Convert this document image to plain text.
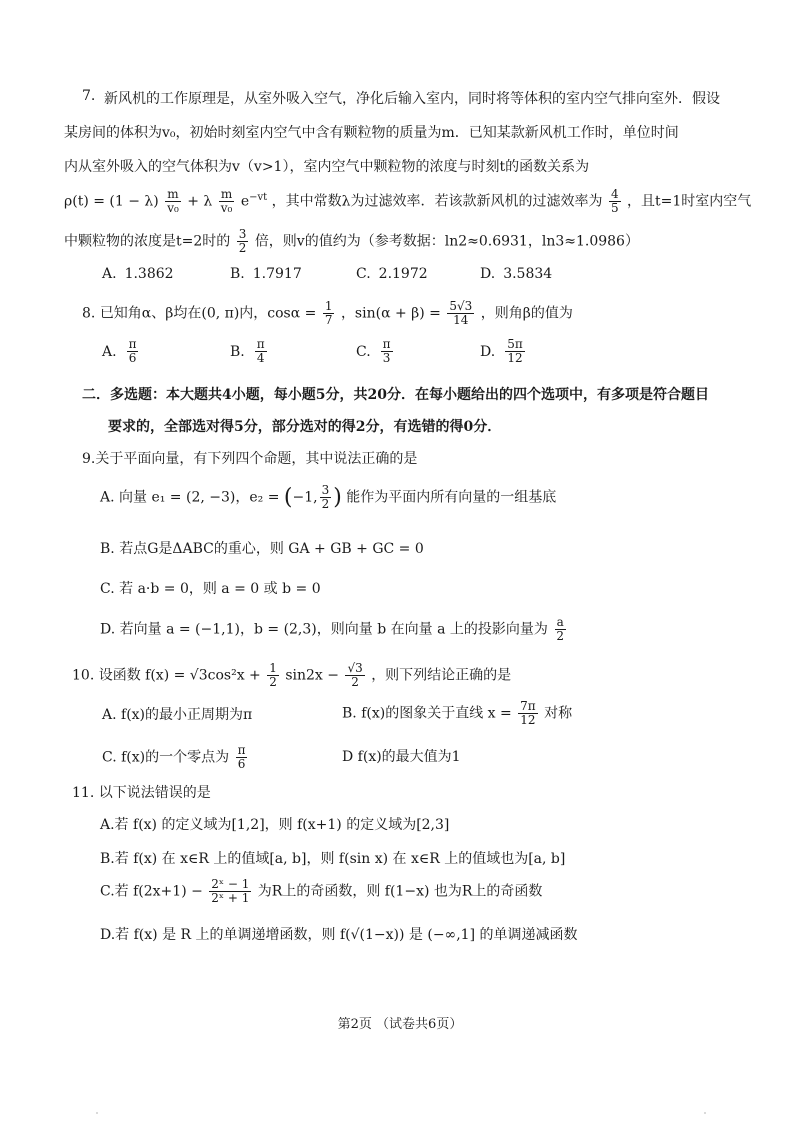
7. 新风机的工作原理是，从室外吸入空气，净化后输入室内，同时将等体积的室内空气排向室外．假设
某房间的体积为v₀，初始时刻室内空气中含有颗粒物的质量为m．已知某款新风机工作时，单位时间
内从室外吸入的空气体积为v（v>1），室内空气中颗粒物的浓度与时刻t的函数关系为
$\rho(t) = (1 - \lambda) \frac{m}{\text{v₀}} + \lambda \frac{m}{\text{v₀}} e^{-vt}$ ，其中常数λ为过滤效率．若该款新风机的过滤效率为 $\frac{4}{5}$ ，且t=1时室内空气
中颗粒物的浓度是t=2时的 $\frac{3}{2}$ 倍，则v的值约为（参考数据：ln2≈0.6931，ln3≈1.0986）
A. 1.3862	B. 1.7917	C. 2.1972	D. 3.5834
8. 已知角α、β均在(0, π)内，$\cos\alpha = \frac{1}{7}$ ，$\sin(\alpha + \beta) = \frac{5√3}{14}$ ，则角β的值为
A. $\frac{\pi}{6}$	B. $\frac{\pi}{4}$	C. $\frac{\pi}{3}$	D. $\frac{5\pi}{12}$
二．多选题：本大题共4小题，每小题5分，共20分．在每小题给出的四个选项中，有多项是符合题目
要求的，全部选对得5分，部分选对的得2分，有选错的得0分．
9.关于平面向量，有下列四个命题，其中说法正确的是
A. 向量 e₁ = (2, −3)，e₂ = (−1, $\frac{3}{2}$ ) 能作为平面内所有向量的一组基底
B. 若点G是ΔABC的重心，则 GA + GB + GC = 0
C. 若 a·b = 0，则 a = 0 或 b = 0
D. 若向量 a = (−1,1)，b = (2,3)，则向量 b 在向量 a 上的投影向量为 $\frac{a}{2}$
10. 设函数 $f(x) = √3\cos^2x + \frac{1}{2} \sin 2x - \frac{√3}{2}$ ，则下列结论正确的是
A. f(x)的最小正周期为π	B. f(x)的图象关于直线 $x = \frac{7\pi}{12}$ 对称
C. f(x)的一个零点为 $\frac{\pi}{6}$	D f(x)的最大值为1
11. 以下说法错误的是
A.若 f(x) 的定义域为[1,2]，则 f(x+1) 的定义域为[2,3]
B.若 f(x) 在 x∈R 上的值域[a, b]，则 f(sin x) 在 x∈R 上的值域也为[a, b]
C.若 $f(2x+1) - \frac{\text{2ˣ − 1}}{\text{2ˣ + 1}}$ 为R上的奇函数，则 f(1−x) 也为R上的奇函数
D.若 f(x) 是 R 上的单调递增函数，则 f(√(1−x)) 是 (−∞,1] 的单调递减函数
第2页 （试卷共6页）
